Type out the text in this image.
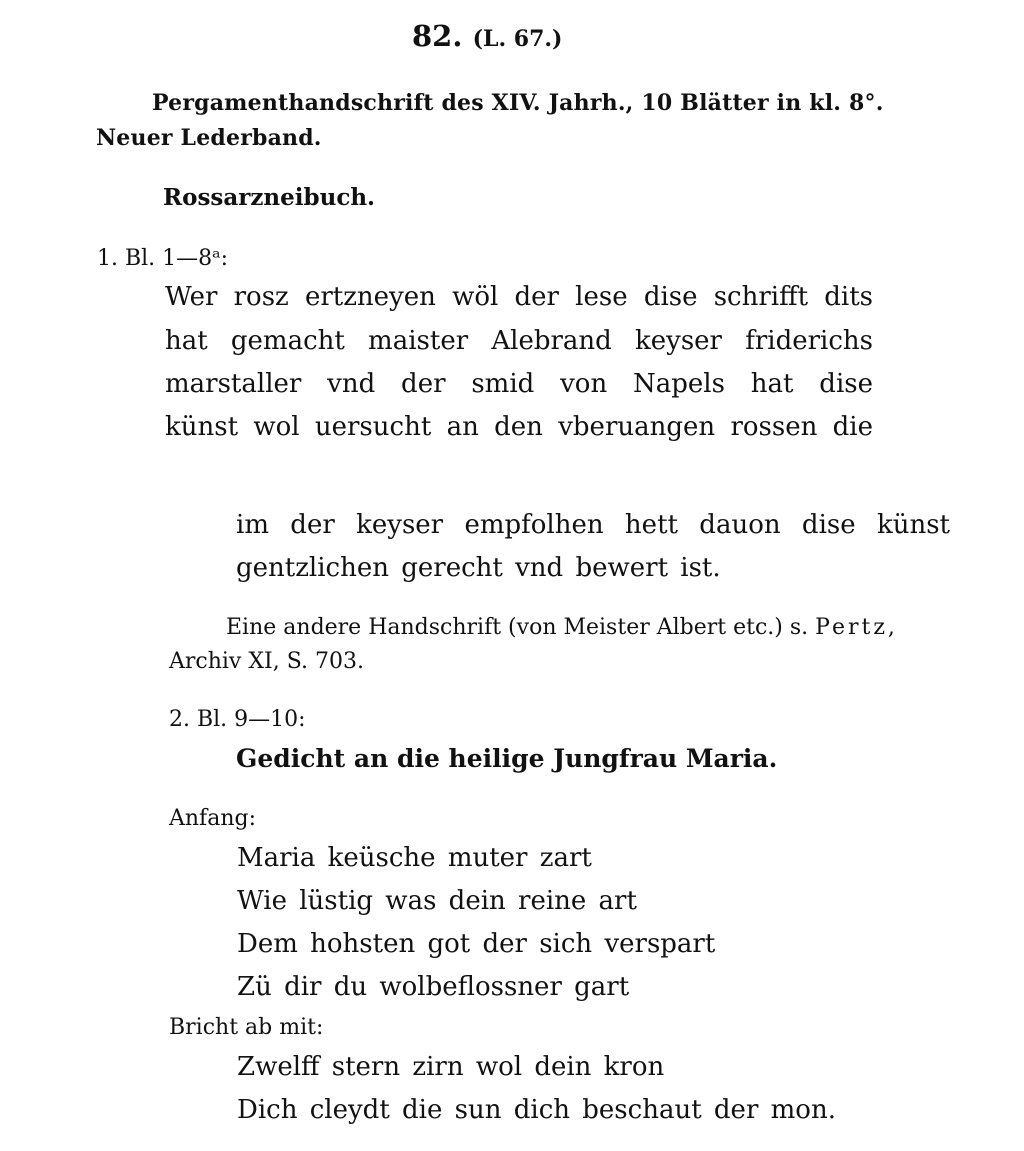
82. (L. 67.)
Pergamenthandschrift des XIV. Jahrh., 10 Blätter in kl. 8°.
Neuer Lederband.
Rossarzneibuch.
1. Bl. 1—8ᵃ:
Wer rosz ertzneyen wöl der lese dise schrifft dits
hat gemacht maister Alebrand keyser friderichs
marstaller vnd der smid von Napels hat dise
künst wol uersucht an den vberuangen rossen die
im der keyser empfolhen hett dauon dise künst
gentzlichen gerecht vnd bewert ist.
Eine andere Handschrift (von Meister Albert etc.) s. Pertz,
Archiv XI, S. 703.
2. Bl. 9—10:
Gedicht an die heilige Jungfrau Maria.
Anfang:
Maria keüsche muter zart
Wie lüstig was dein reine art
Dem hohsten got der sich verspart
Zü dir du wolbeflossner gart
Bricht ab mit:
Zwelff stern zirn wol dein kron
Dich cleydt die sun dich beschaut der mon.
